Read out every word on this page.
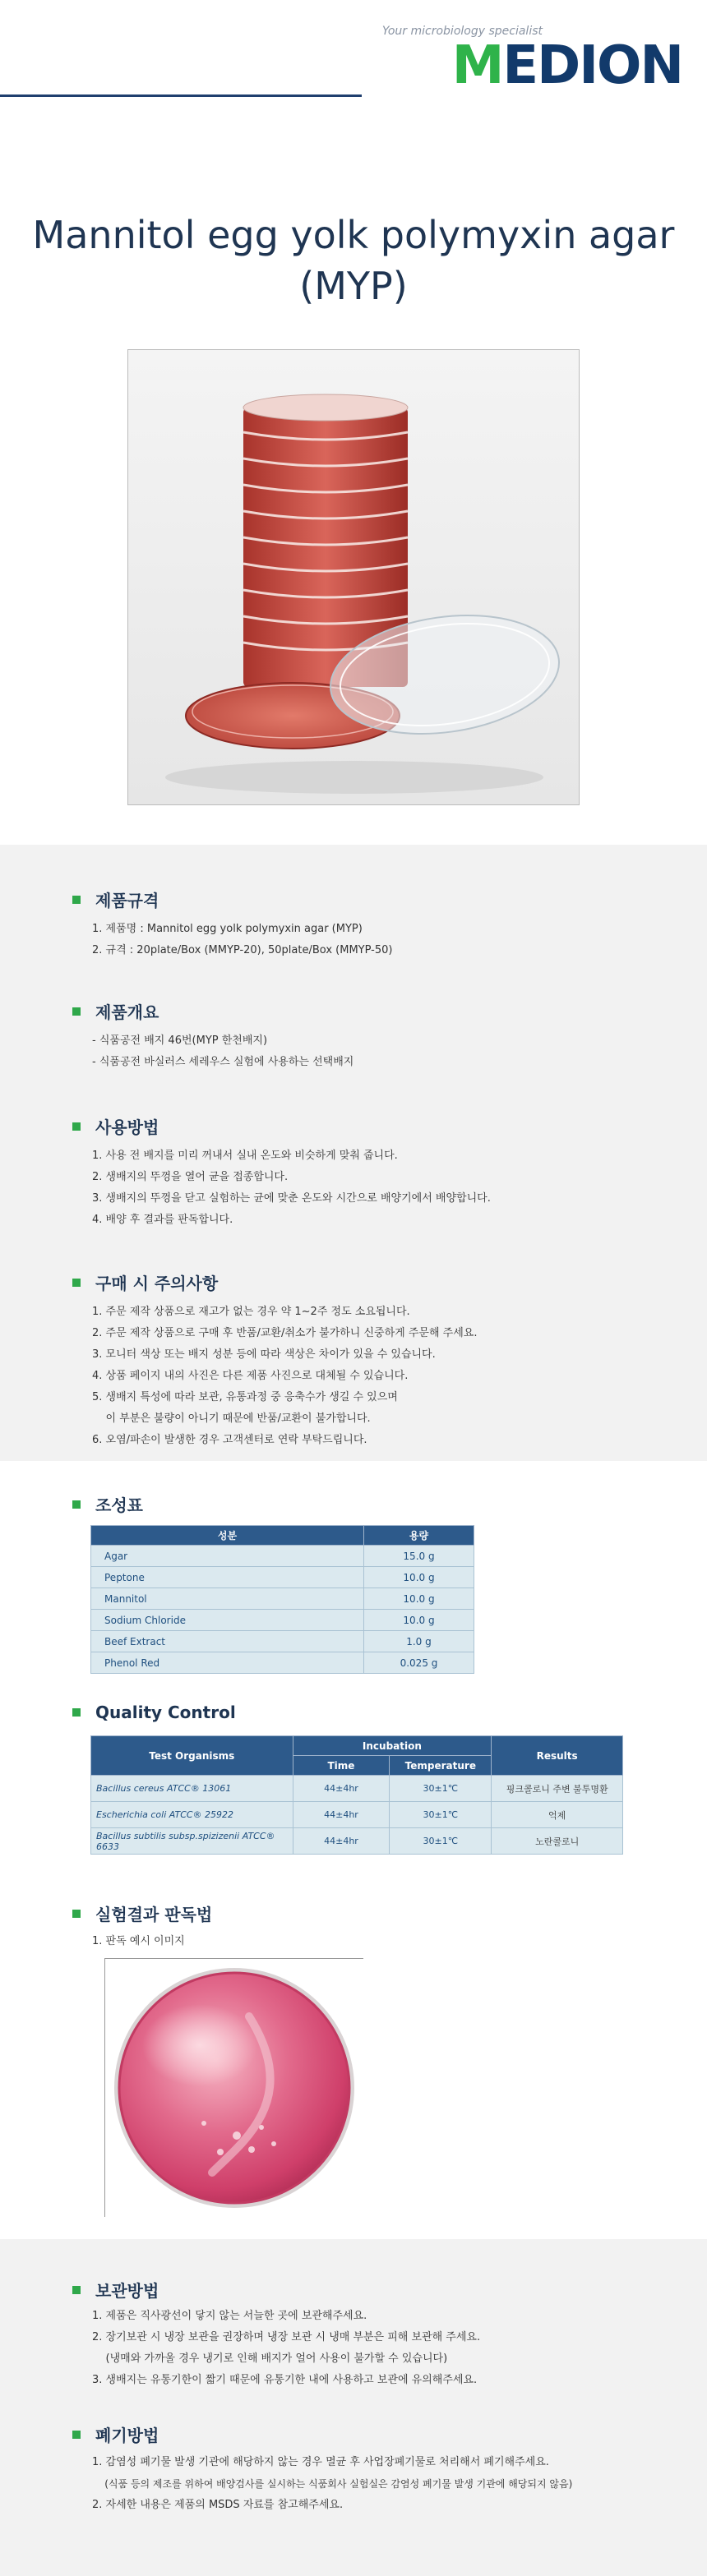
Your microbiology specialist
MEDION
Mannitol egg yolk polymyxin agar
(MYP)
제품규격
1. 제품명 : Mannitol egg yolk polymyxin agar (MYP)
2. 규격 : 20plate/Box (MMYP-20), 50plate/Box (MMYP-50)
제품개요
- 식품공전 배지 46번(MYP 한천배지)
- 식품공전 바실러스 세레우스 실험에 사용하는 선택배지
사용방법
1. 사용 전 배지를 미리 꺼내서 실내 온도와 비슷하게 맞춰 줍니다.
2. 생배지의 뚜껑을 열어 균을 접종합니다.
3. 생배지의 뚜껑을 닫고 실험하는 균에 맞춘 온도와 시간으로 배양기에서 배양합니다.
4. 배양 후 결과를 판독합니다.
구매 시 주의사항
1. 주문 제작 상품으로 재고가 없는 경우 약 1~2주 정도 소요됩니다.
2. 주문 제작 상품으로 구매 후 반품/교환/취소가 불가하니 신중하게 주문해 주세요.
3. 모니터 색상 또는 배지 성분 등에 따라 색상은 차이가 있을 수 있습니다.
4. 상품 페이지 내의 사진은 다른 제품 사진으로 대체될 수 있습니다.
5. 생배지 특성에 따라 보관, 유통과정 중 응축수가 생길 수 있으며
이 부분은 불량이 아니기 때문에 반품/교환이 불가합니다.
6. 오염/파손이 발생한 경우 고객센터로 연락 부탁드립니다.
조성표
성분	용량
Agar	15.0 g
Peptone	10.0 g
Mannitol	10.0 g
Sodium Chloride	10.0 g
Beef Extract	1.0 g
Phenol Red	0.025 g
Quality Control
Test Organisms	Incubation		Results
	Time	Temperature	
Bacillus cereus ATCC® 13061	44±4hr	30±1℃	핑크콜로니 주변 불투명환
Escherichia coli ATCC® 25922	44±4hr	30±1℃	억제
Bacillus subtilis subsp.spizizenii ATCC® 6633	44±4hr	30±1℃	노란콜로니
실험결과 판독법
1. 판독 예시 이미지
보관방법
1. 제품은 직사광선이 닿지 않는 서늘한 곳에 보관해주세요.
2. 장기보관 시 냉장 보관을 권장하며 냉장 보관 시 냉매 부분은 피해 보관해 주세요.
(냉매와 가까울 경우 냉기로 인해 배지가 얼어 사용이 불가할 수 있습니다)
3. 생배지는 유통기한이 짧기 때문에 유통기한 내에 사용하고 보관에 유의해주세요.
폐기방법
1. 감염성 폐기물 발생 기관에 해당하지 않는 경우 멸균 후 사업장폐기물로 처리해서 폐기해주세요.
(식품 등의 제조를 위하여 배양검사를 실시하는 식품회사 실험실은 감염성 폐기물 발생 기관에 해당되지 않음)
2. 자세한 내용은 제품의 MSDS 자료를 참고해주세요.
